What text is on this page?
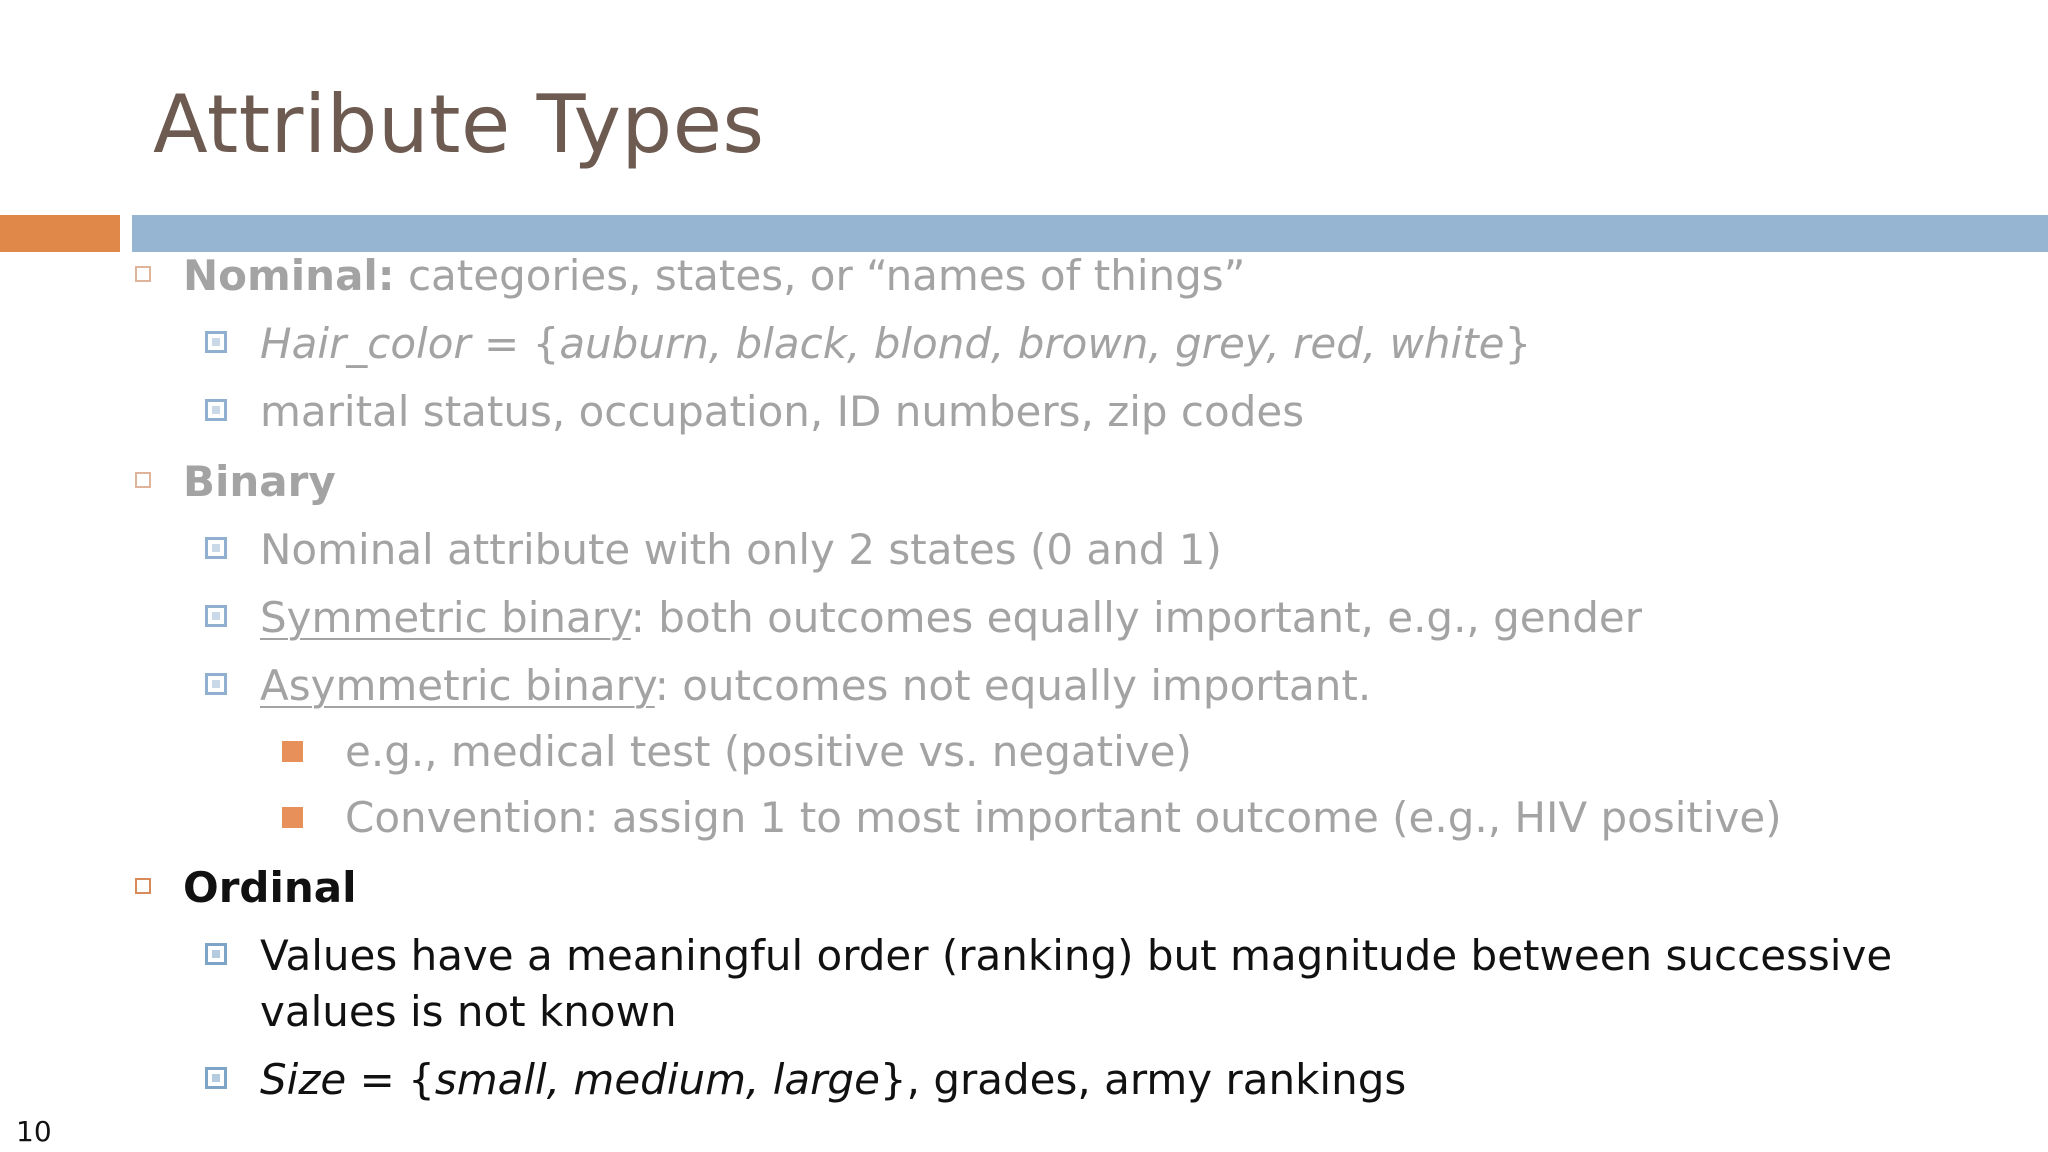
Attribute Types
Nominal: categories, states, or “names of things”
Hair_color = {auburn, black, blond, brown, grey, red, white}
marital status, occupation, ID numbers, zip codes
Binary
Nominal attribute with only 2 states (0 and 1)
Symmetric binary: both outcomes equally important, e.g., gender
Asymmetric binary: outcomes not equally important.
e.g., medical test (positive vs. negative)
Convention: assign 1 to most important outcome (e.g., HIV positive)
Ordinal
Values have a meaningful order (ranking) but magnitude between successive
values is not known
Size = {small, medium, large}, grades, army rankings
10
